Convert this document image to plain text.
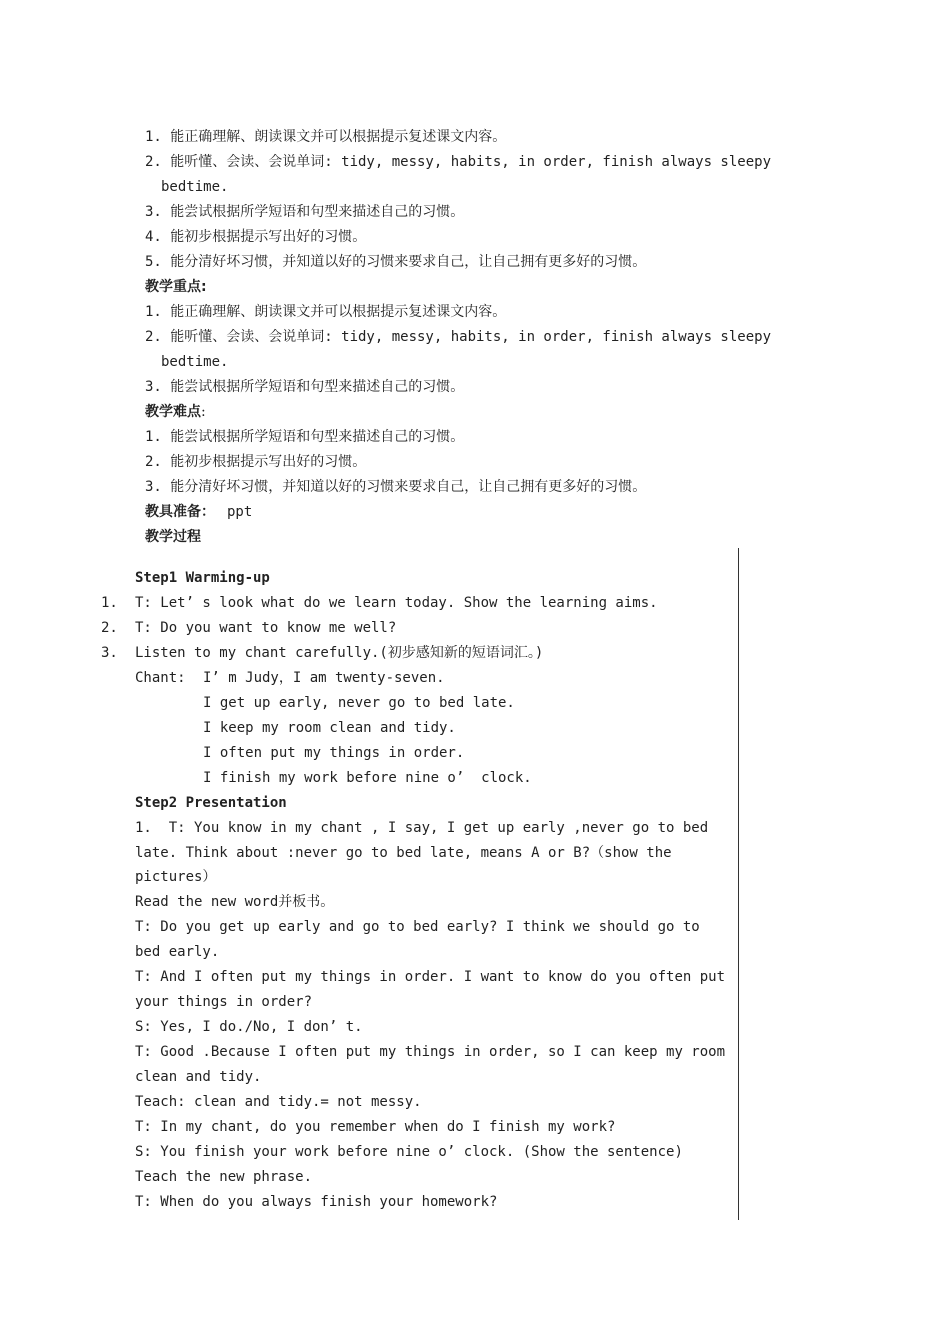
1. 能正确理解、朗读课文并可以根据提示复述课文内容。
2. 能听懂、会读、会说单词: tidy, messy, habits, in order, finish always sleepy
bedtime.
3. 能尝试根据所学短语和句型来描述自己的习惯。
4. 能初步根据提示写出好的习惯。
5. 能分清好坏习惯，并知道以好的习惯来要求自己，让自己拥有更多好的习惯。
教学重点:
1. 能正确理解、朗读课文并可以根据提示复述课文内容。
2. 能听懂、会读、会说单词: tidy, messy, habits, in order, finish always sleepy
bedtime.
3. 能尝试根据所学短语和句型来描述自己的习惯。
教学难点:
1. 能尝试根据所学短语和句型来描述自己的习惯。
2. 能初步根据提示写出好的习惯。
3. 能分清好坏习惯，并知道以好的习惯来要求自己，让自己拥有更多好的习惯。
教具准备： ppt
教学过程
Step1 Warming-up
1. T: Let’ s look what do we learn today. Show the learning aims.
2. T: Do you want to know me well?
3. Listen to my chant carefully.(初步感知新的短语词汇。)
Chant: I’ m Judy，I am twenty-seven.
I get up early, never go to bed late.
I keep my room clean and tidy.
I often put my things in order.
I finish my work before nine o’  clock.
Step2 Presentation
1.  T: You know in my chant , I say, I get up early ,never go to bed
late. Think about :never go to bed late, means A or B?（show the
pictures）
Read the new word并板书。
T: Do you get up early and go to bed early? I think we should go to
bed early.
T: And I often put my things in order. I want to know do you often put
your things in order?
S: Yes, I do./No, I don’ t.
T: Good .Because I often put my things in order, so I can keep my room
clean and tidy.
Teach: clean and tidy.= not messy.
T: In my chant, do you remember when do I finish my work?
S: You finish your work before nine o’ clock. (Show the sentence)
Teach the new phrase.
T: When do you always finish your homework?
